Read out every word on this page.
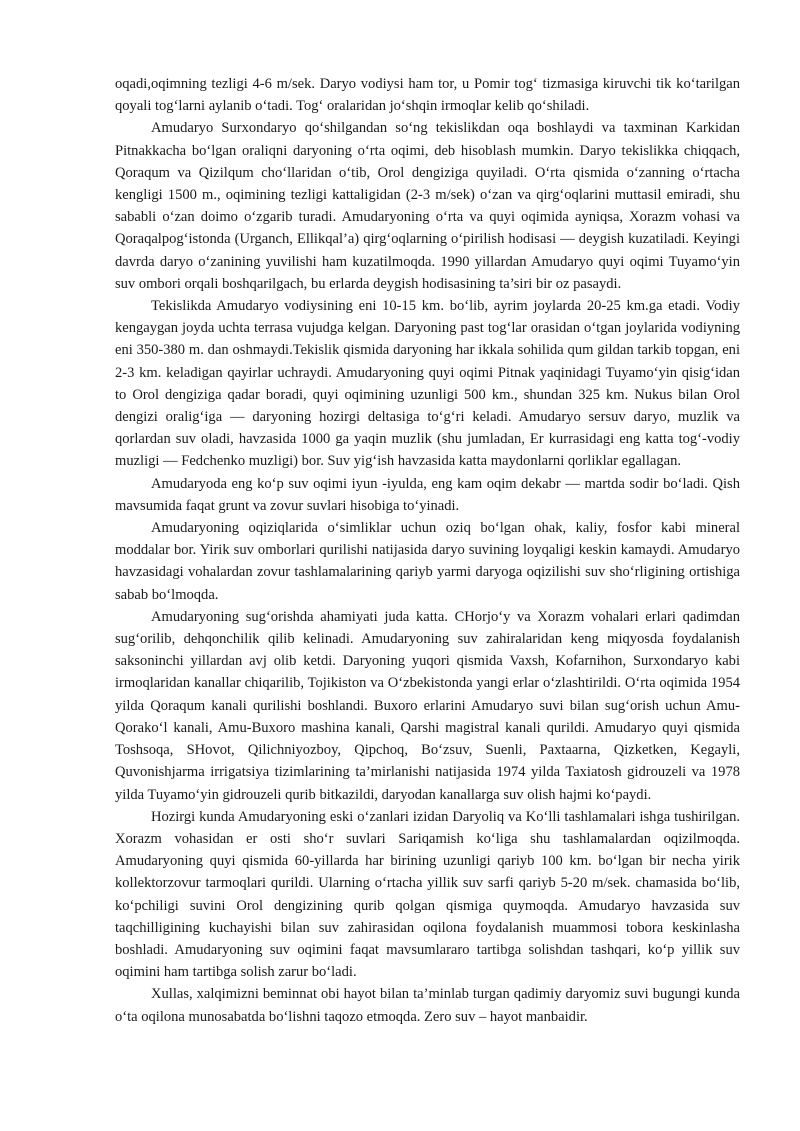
oqadi,oqimning tezligi 4-6 m/sek. Daryo vodiysi ham tor, u Pomir tog‘ tizmasiga kiruvchi tik ko‘tarilgan qoyali tog‘larni aylanib o‘tadi. Tog‘ oralaridan jo‘shqin irmoqlar kelib qo‘shiladi.

Amudaryo Surxondaryo qo‘shilgandan so‘ng tekislikdan oqa boshlaydi va taxminan Karkidan Pitnakkacha bo‘lgan oraliqni daryoning o‘rta oqimi, deb hisoblash mumkin. Daryo tekislikka chiqqach, Qoraqum va Qizilqum cho‘llaridan o‘tib, Orol dengiziga quyiladi. O‘rta qismida o‘zanning o‘rtacha kengligi 1500 m., oqimining tezligi kattaligidan (2-3 m/sek) o‘zan va qirg‘oqlarini muttasil emiradi, shu sababli o‘zan doimo o‘zgarib turadi. Amudaryoning o‘rta va quyi oqimida ayniqsa, Xorazm vohasi va Qoraqalpog‘istonda (Urganch, Ellikqal’a) qirg‘oqlarning o‘pirilish hodisasi — deygish kuzatiladi. Keyingi davrda daryo o‘zanining yuvilishi ham kuzatilmoqda. 1990 yillardan Amudaryo quyi oqimi Tuyamo‘yin suv ombori orqali boshqarilgach, bu erlarda deygish hodisasining ta’siri bir oz pasaydi.

Tekislikda Amudaryo vodiysining eni 10-15 km. bo‘lib, ayrim joylarda 20-25 km.ga etadi. Vodiy kengaygan joyda uchta terrasa vujudga kelgan. Daryoning past tog‘lar orasidan o‘tgan joylarida vodiyning eni 350-380 m. dan oshmaydi.Tekislik qismida daryoning har ikkala sohilida qum gildan tarkib topgan, eni 2-3 km. keladigan qayirlar uchraydi. Amudaryoning quyi oqimi Pitnak yaqinidagi Tuyamo‘yin qisig‘idan to Orol dengiziga qadar boradi, quyi oqimining uzunligi 500 km., shundan 325 km. Nukus bilan Orol dengizi oralig‘iga — daryoning hozirgi deltasiga to‘g‘ri keladi. Amudaryo sersuv daryo, muzlik va qorlardan suv oladi, havzasida 1000 ga yaqin muzlik (shu jumladan, Er kurrasidagi eng katta tog‘-vodiy muzligi — Fedchenko muzligi) bor. Suv yig‘ish havzasida katta maydonlarni qorliklar egallagan.

Amudaryoda eng ko‘p suv oqimi iyun -iyulda, eng kam oqim dekabr — martda sodir bo‘ladi. Qish mavsumida faqat grunt va zovur suvlari hisobiga to‘yinadi.

Amudaryoning oqiziqlarida o‘simliklar uchun oziq bo‘lgan ohak, kaliy, fosfor kabi mineral moddalar bor. Yirik suv omborlari qurilishi natijasida daryo suvining loyqaligi keskin kamaydi. Amudaryo havzasidagi vohalardan zovur tashlamalarining qariyb yarmi daryoga oqizilishi suv sho‘rligining ortishiga sabab bo‘lmoqda.

Amudaryoning sug‘orishda ahamiyati juda katta. CHorjo‘y va Xorazm vohalari erlari qadimdan sug‘orilib, dehqonchilik qilib kelinadi. Amudaryoning suv zahiralaridan keng miqyosda foydalanish saksoninchi yillardan avj olib ketdi. Daryoning yuqori qismida Vaxsh, Kofarnihon, Surxondaryo kabi irmoqlaridan kanallar chiqarilib, Tojikiston va O‘zbekistonda yangi erlar o‘zlashtirildi. O‘rta oqimida 1954 yilda Qoraqum kanali qurilishi boshlandi. Buxoro erlarini Amudaryo suvi bilan sug‘orish uchun Amu-Qorako‘l kanali, Amu-Buxoro mashina kanali, Qarshi magistral kanali qurildi. Amudaryo quyi qismida Toshsoqa, SHovot, Qilichniyozboy, Qipchoq, Bo‘zsuv, Suenli, Paxtaarna, Qizketken, Kegayli, Quvonishjarma irrigatsiya tizimlarining ta’mirlanishi natijasida 1974 yilda Taxiatosh gidrouzeli va 1978 yilda Tuyamo‘yin gidrouzeli qurib bitkazildi, daryodan kanallarga suv olish hajmi ko‘paydi.

Hozirgi kunda Amudaryoning eski o‘zanlari izidan Daryoliq va Ko‘lli tashlamalari ishga tushirilgan. Xorazm vohasidan er osti sho‘r suvlari Sariqamish ko‘liga shu tashlamalardan oqizilmoqda. Amudaryoning quyi qismida 60-yillarda har birining uzunligi qariyb 100 km. bo‘lgan bir necha yirik kollektorzovur tarmoqlari qurildi. Ularning o‘rtacha yillik suv sarfi qariyb 5-20 m/sek. chamasida bo‘lib, ko‘pchiligi suvini Orol dengizining qurib qolgan qismiga quymoqda. Amudaryo havzasida suv taqchilligining kuchayishi bilan suv zahirasidan oqilona foydalanish muammosi tobora keskinlasha boshladi. Amudaryoning suv oqimini faqat mavsumlararo tartibga solishdan tashqari, ko‘p yillik suv oqimini ham tartibga solish zarur bo‘ladi.

Xullas, xalqimizni beminnat obi hayot bilan ta’minlab turgan qadimiy daryomiz suvi bugungi kunda o‘ta oqilona munosabatda bo‘lishni taqozo etmoqda. Zero suv – hayot manbaidir.
